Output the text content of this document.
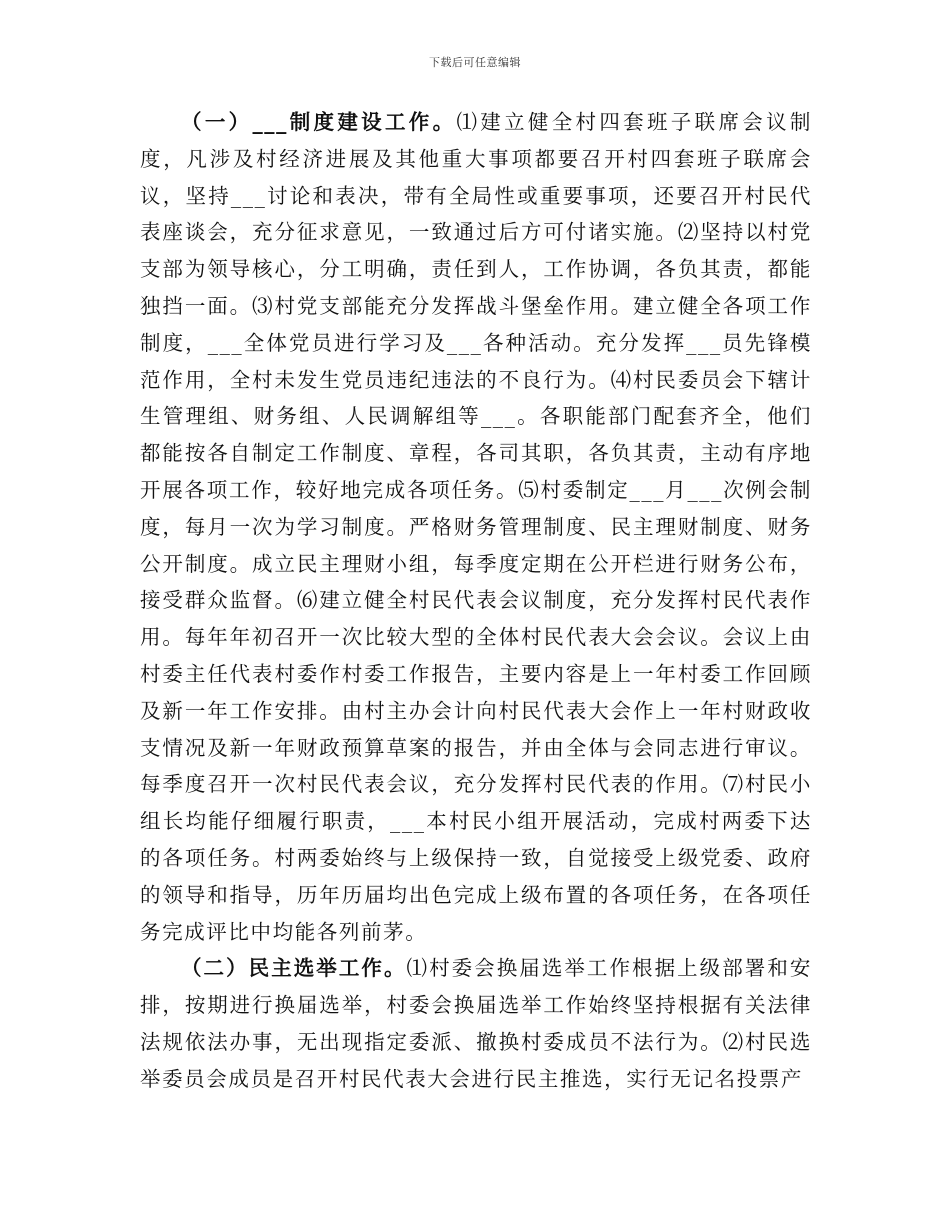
下载后可任意编辑

（一）___制度建设工作。⑴建立健全村四套班子联席会议制度，凡涉及村经济进展及其他重大事项都要召开村四套班子联席会议，坚持___讨论和表决，带有全局性或重要事项，还要召开村民代表座谈会，充分征求意见，一致通过后方可付诸实施。⑵坚持以村党支部为领导核心，分工明确，责任到人，工作协调，各负其责，都能独挡一面。⑶村党支部能充分发挥战斗堡垒作用。建立健全各项工作制度，___全体党员进行学习及___各种活动。充分发挥___员先锋模范作用，全村未发生党员违纪违法的不良行为。⑷村民委员会下辖计生管理组、财务组、人民调解组等___。各职能部门配套齐全，他们都能按各自制定工作制度、章程，各司其职，各负其责，主动有序地开展各项工作，较好地完成各项任务。⑸村委制定___月___次例会制度，每月一次为学习制度。严格财务管理制度、民主理财制度、财务公开制度。成立民主理财小组，每季度定期在公开栏进行财务公布，接受群众监督。⑹建立健全村民代表会议制度，充分发挥村民代表作用。每年年初召开一次比较大型的全体村民代表大会会议。会议上由村委主任代表村委作村委工作报告，主要内容是上一年村委工作回顾及新一年工作安排。由村主办会计向村民代表大会作上一年村财政收支情况及新一年财政预算草案的报告，并由全体与会同志进行审议。每季度召开一次村民代表会议，充分发挥村民代表的作用。⑺村民小组长均能仔细履行职责，___本村民小组开展活动，完成村两委下达的各项任务。村两委始终与上级保持一致，自觉接受上级党委、政府的领导和指导，历年历届均出色完成上级布置的各项任务，在各项任务完成评比中均能各列前茅。

（二）民主选举工作。⑴村委会换届选举工作根据上级部署和安排，按期进行换届选举，村委会换届选举工作始终坚持根据有关法律法规依法办事，无出现指定委派、撤换村委成员不法行为。⑵村民选举委员会成员是召开村民代表大会进行民主推选，实行无记名投票产
